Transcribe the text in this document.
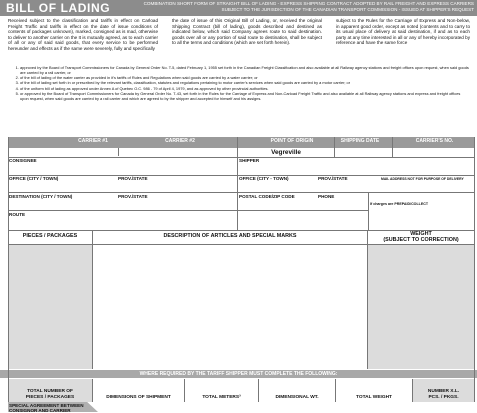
BILL OF LADING	COMBINATION SHORT FORM OF STRAIGHT BILL OF LADING - EXPRESS SHIPPING CONTRACT ADOPTED BY RAIL FREIGHT AND EXPRESS CARRIERS SUBJECT TO THE JURISDICTION OF THE CANADIAN TRANSPORT COMMISSION - ISSUED AT SHIPPER'S REQUEST
Received subject to the classification and tariffs in effect on Carload Freight Traffic and tariffs in effect on the date of issue conditions of contents of packages unknown), marked, consigned as is mad, otherwise to deliver to another carrier on the It is mutually agreed, as to each carrier of all or any of said said goods, that every service to be performed hereunder and effects as if the same were severely, fully and specifically
the date of issue of this Original Bill of Lading, or, received the original Shipping Contract (bill of lading), goods described and destined as indicated below, which said Company agrees route to said destination. goods over all or any portion of said route to destination, shall be subject to all the terms and conditions (which are set forth herein).
subject to the Rules for the Carriage of Express and Non-below, in apparent good order, except as noted (contents and to carry to its usual place of delivery at said destination, if and as to each party at any time interested in all or any of hereby incorporated by reference and have the same force
1. approved by the Board of Transport Commissioners for Canada by General Order No. T-5, dated February 1, 1955 set forth in the Canadian Freight Classification and also available at all Railway agency stations and freight offices upon request, when said goods are carried by a rail carrier, or
2. of the bill of lading of the water carrier as provided in it's tariffs of Rules and Regulations when said goods are carried by a water carrier; or
3. of the bill of lading set forth in or prescribed by the relevant tariffs, classification, statutes and regulations pertaining to motor carrier's services when said goods are carried by a motor carrier; or
4. of the uniform bill of lading as approved under Annex A of Quebec O.C. 986 - 79 of April 4, 1979, and as approved by other provincial authorities.
5. or approved by the Board of Transport Commissioners for Canada by General Order No. T-43, set forth in the Rules for the Carriage of Express and Non-Carload Freight Traffic and also available at all Railway agency stations and express and freight offices upon request, when said goods are carried by a rail carrier and which are agreed to by the shipper and accepted for himself and his assigns.
CARRIER #1	CARRIER #2	POINT OF ORIGIN	SHIPPING DATE	CARRIER'S NO.
Vegreville
CONSIGNEE	SHIPPER
OFFICE (CITY / TOWN)	PROV./STATE	OFFICE (CITY - TOWN)	PROV./STATE	MAIL ADDRESS NOT FOR PURPOSE OF DELIVERY
DESTINATION (CITY / TOWN)	PROV./STATE	POSTAL CODE/ZIP CODE	PHONE
If charges are PREPAID/COLLECT
ROUTE
PIECES / PACKAGES	DESCRIPTION OF ARTICLES AND SPECIAL MARKS	WEIGHT
(SUBJECT TO CORRECTION)
WHERE REQUIRED BY THE TARIFF SHIPPER MUST COMPLETE THE FOLLOWING:
TOTAL NUMBER OF
PIECES / PACKAGES	DIMENSIONS OF SHIPMENT	TOTAL METERS³	DIMENSIONAL WT.	TOTAL WEIGHT
NUMBER X.L.
PCS. / PKGS.
SPECIAL AGREEMENT BETWEEN
CONSIGNOR AND CARRIER
